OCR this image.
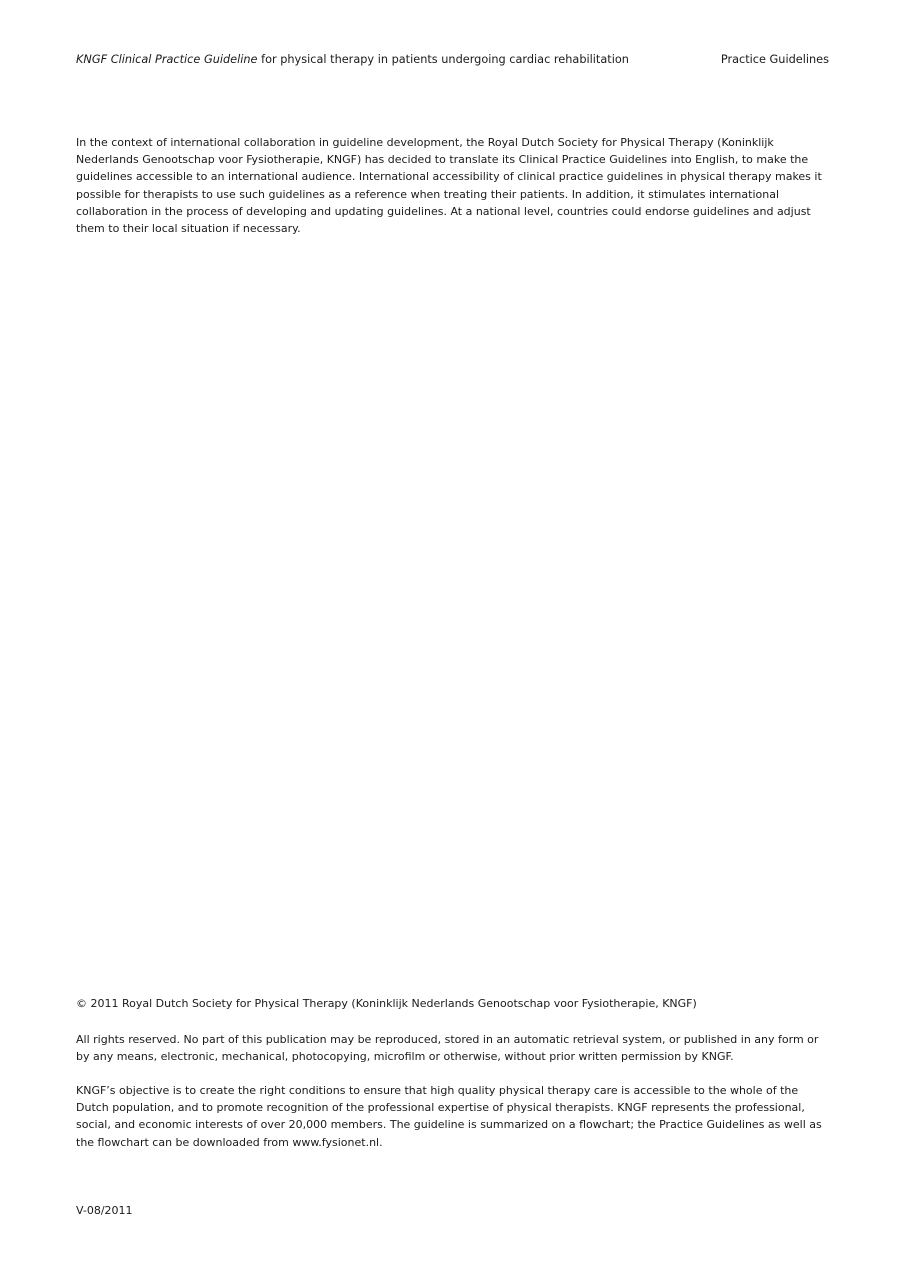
KNGF Clinical Practice Guideline for physical therapy in patients undergoing cardiac rehabilitation	Practice Guidelines

In the context of international collaboration in guideline development, the Royal Dutch Society for Physical Therapy (Koninklijk Nederlands Genootschap voor Fysiotherapie, KNGF) has decided to translate its Clinical Practice Guidelines into English, to make the guidelines accessible to an international audience. International accessibility of clinical practice guidelines in physical therapy makes it possible for therapists to use such guidelines as a reference when treating their patients. In addition, it stimulates international collaboration in the process of developing and updating guidelines. At a national level, countries could endorse guidelines and adjust them to their local situation if necessary.

© 2011 Royal Dutch Society for Physical Therapy (Koninklijk Nederlands Genootschap voor Fysiotherapie, KNGF)

All rights reserved. No part of this publication may be reproduced, stored in an automatic retrieval system, or published in any form or by any means, electronic, mechanical, photocopying, microfilm or otherwise, without prior written permission by KNGF.

KNGF’s objective is to create the right conditions to ensure that high quality physical therapy care is accessible to the whole of the Dutch population, and to promote recognition of the professional expertise of physical therapists. KNGF represents the professional, social, and economic interests of over 20,000 members. The guideline is summarized on a flowchart; the Practice Guidelines as well as the flowchart can be downloaded from www.fysionet.nl.

V-08/2011
